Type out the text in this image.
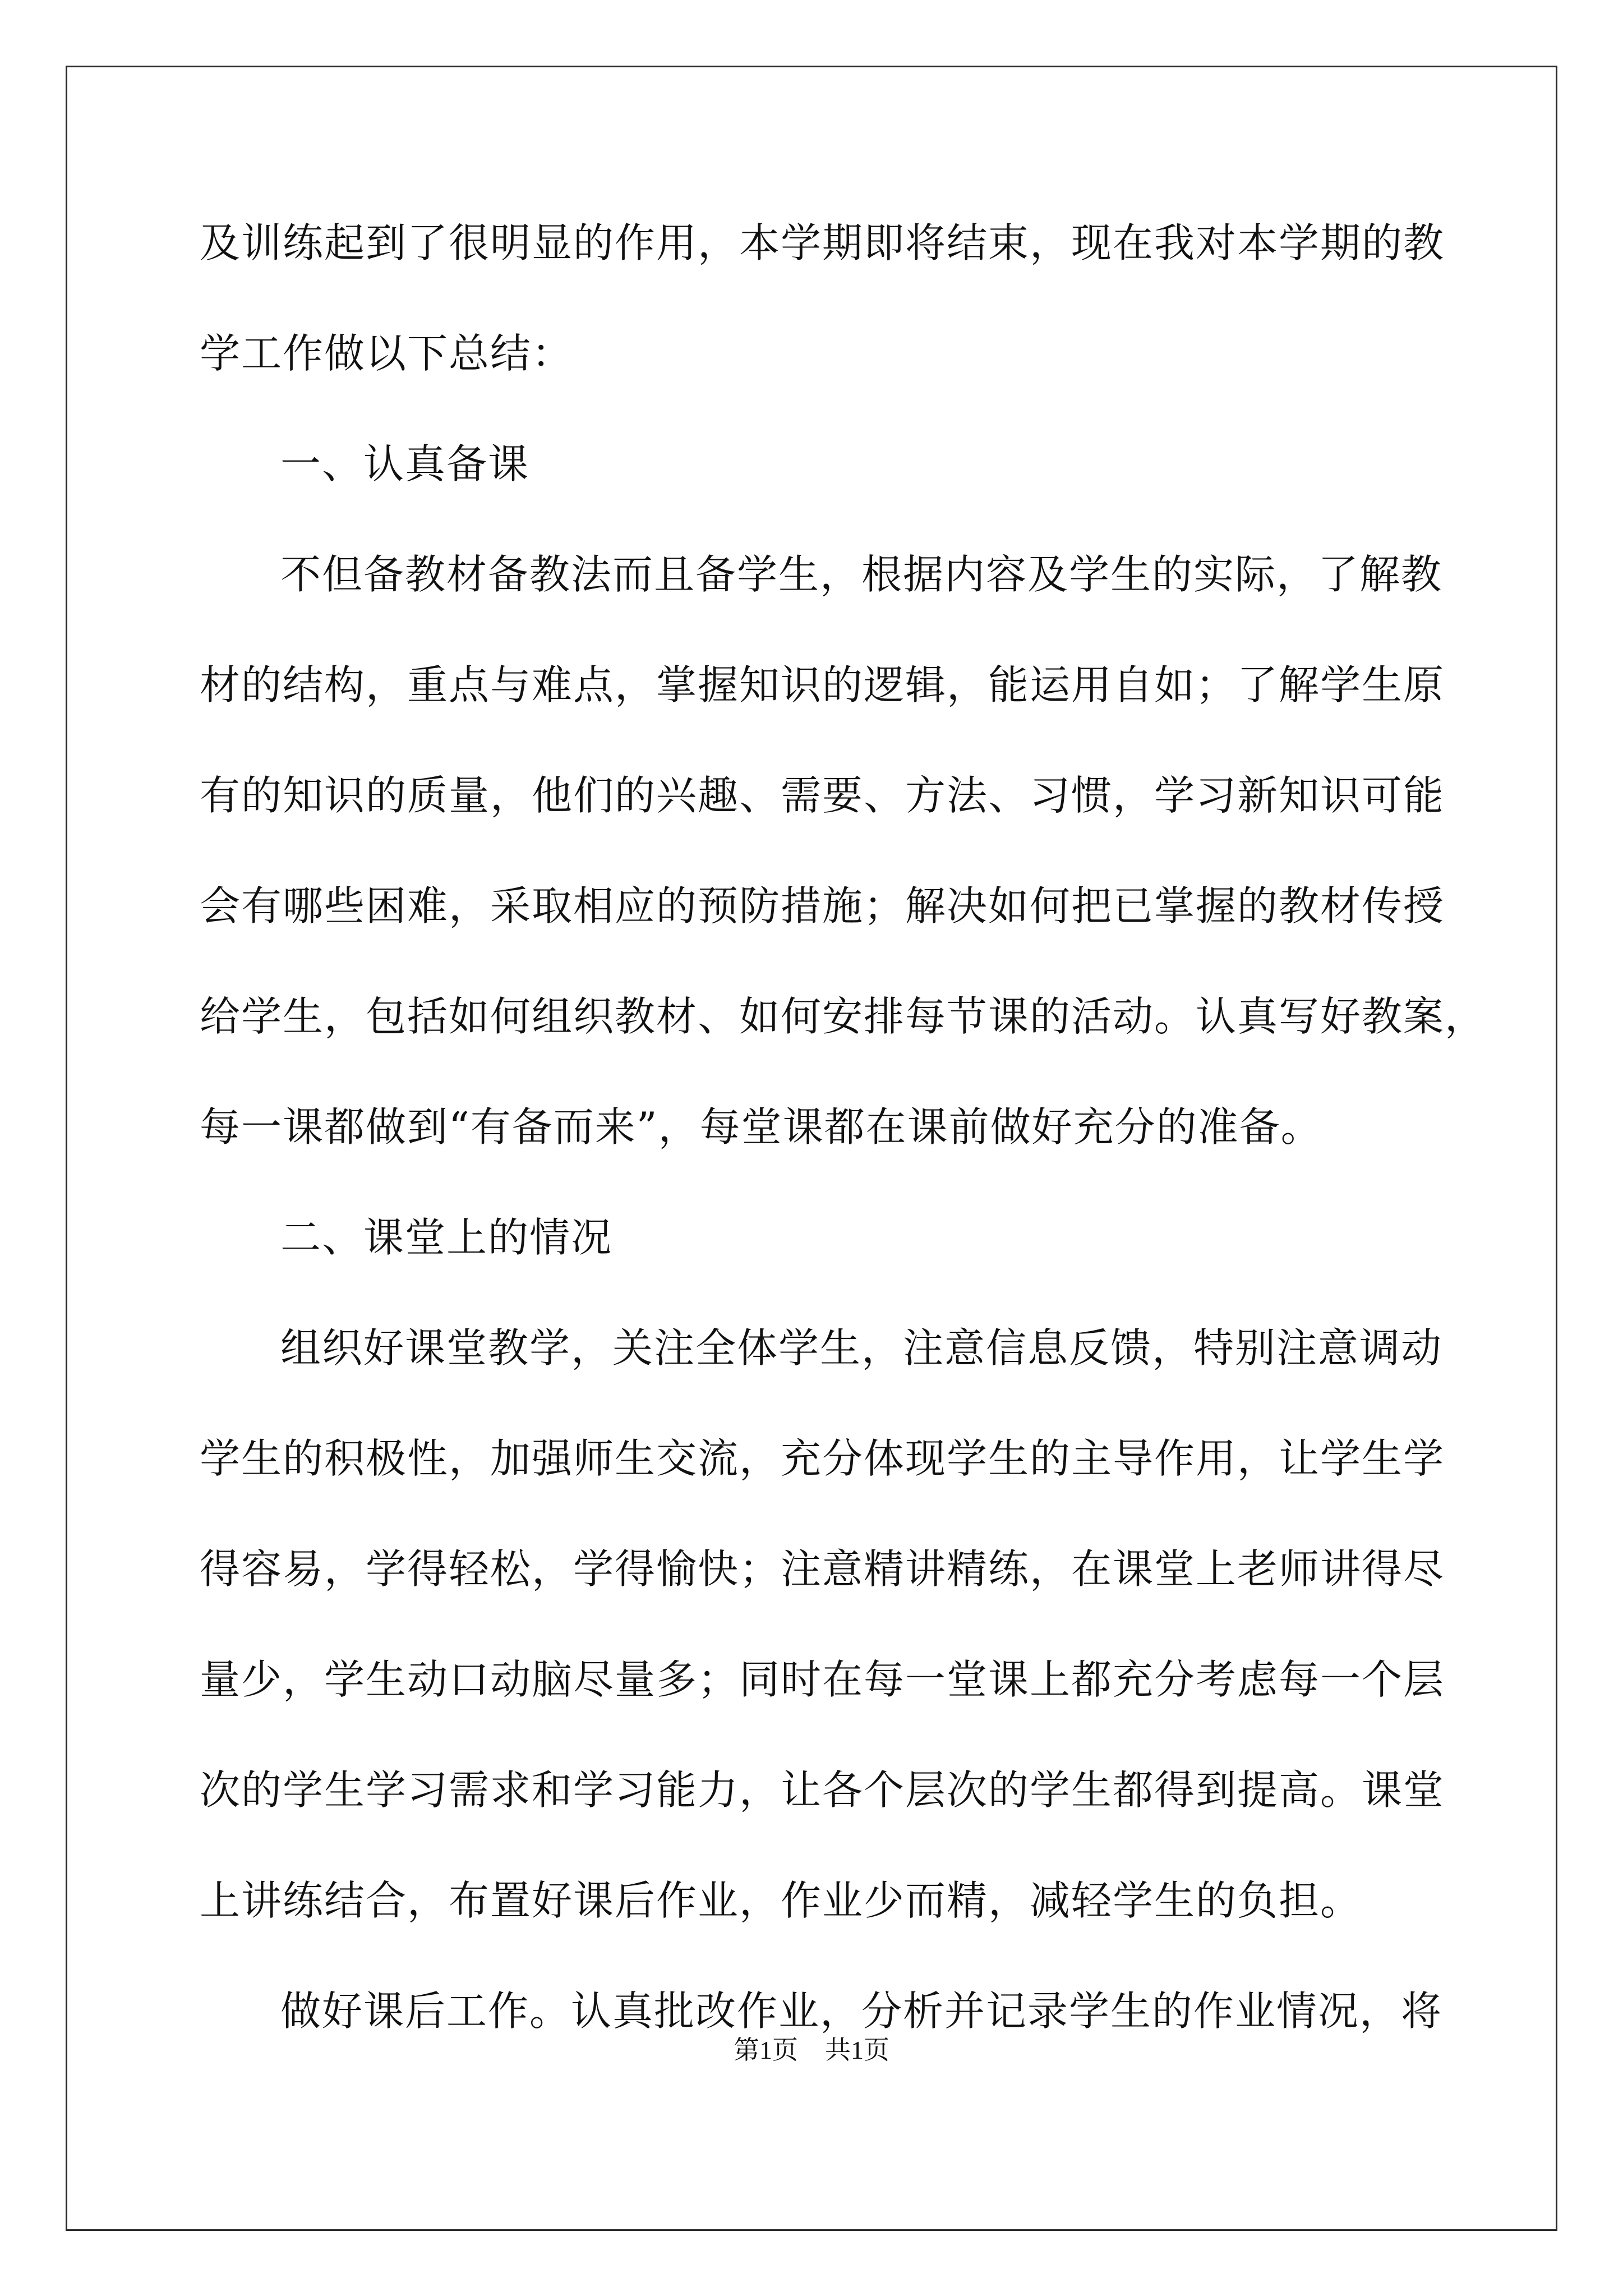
及训练起到了很明显的作用，本学期即将结束，现在我对本学期的教
学工作做以下总结：
一、认真备课
不但备教材备教法而且备学生，根据内容及学生的实际，了解教
材的结构，重点与难点，掌握知识的逻辑，能运用自如；了解学生原
有的知识的质量，他们的兴趣、需要、方法、习惯，学习新知识可能
会有哪些困难，采取相应的预防措施；解决如何把已掌握的教材传授
给学生，包括如何组织教材、如何安排每节课的活动。认真写好教案，
每一课都做到“有备而来”，每堂课都在课前做好充分的准备。
二、课堂上的情况
组织好课堂教学，关注全体学生，注意信息反馈，特别注意调动
学生的积极性，加强师生交流，充分体现学生的主导作用，让学生学
得容易，学得轻松，学得愉快；注意精讲精练，在课堂上老师讲得尽
量少，学生动口动脑尽量多；同时在每一堂课上都充分考虑每一个层
次的学生学习需求和学习能力，让各个层次的学生都得到提高。课堂
上讲练结合，布置好课后作业，作业少而精，减轻学生的负担。
做好课后工作。认真批改作业，分析并记录学生的作业情况，将
第1页 共1页
